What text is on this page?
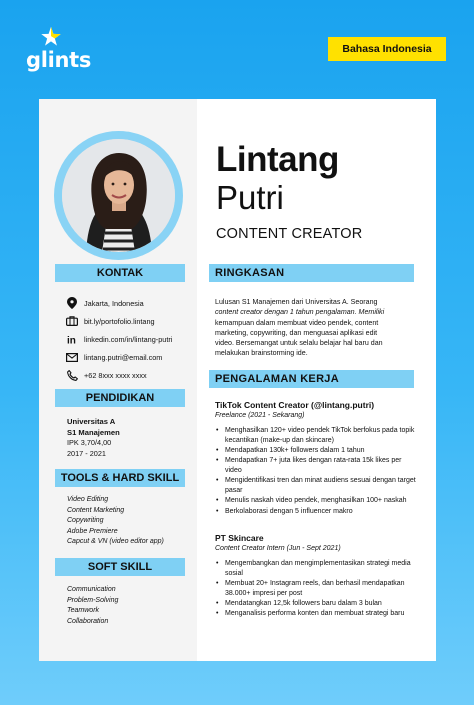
glints	Bahasa Indonesia
Lintang
Putri
CONTENT CREATOR
KONTAK
Jakarta, Indonesia
bit.ly/portofolio.lintang
in linkedin.com/in/lintang-putri
lintang.putri@email.com
+62 8xxx xxxx xxxx
PENDIDIKAN
Universitas A
S1 Manajemen
IPK 3,70/4,00
2017 - 2021
TOOLS & HARD SKILL
Video Editing
Content Marketing
Copywriting
Adobe Premiere
Capcut & VN (video editor app)
SOFT SKILL
Communication
Problem-Solving
Teamwork
Collaboration
RINGKASAN
Lulusan S1 Manajemen dari Universitas A. Seorang
content creator dengan 1 tahun pengalaman. Memiliki
kemampuan dalam membuat video pendek, content
marketing, copywriting, dan menguasai aplikasi edit
video. Bersemangat untuk selalu belajar hal baru dan
melakukan brainstorming ide.
PENGALAMAN KERJA
TikTok Content Creator (@lintang.putri)
Freelance (2021 - Sekarang)
• Menghasilkan 120+ video pendek TikTok berfokus pada topik kecantikan (make-up dan skincare)
• Mendapatkan 130k+ followers dalam 1 tahun
• Mendapatkan 7+ juta likes dengan rata-rata 15k likes per video
• Mengidentifikasi tren dan minat audiens sesuai dengan target pasar
• Menulis naskah video pendek, menghasilkan 100+ naskah
• Berkolaborasi dengan 5 influencer makro
PT Skincare
Content Creator Intern (Jun - Sept 2021)
• Mengembangkan dan mengimplementasikan strategi media sosial
• Membuat 20+ Instagram reels, dan berhasil mendapatkan 38.000+ impresi per post
• Mendatangkan 12,5k followers baru dalam 3 bulan
• Menganalisis performa konten dan membuat strategi baru
